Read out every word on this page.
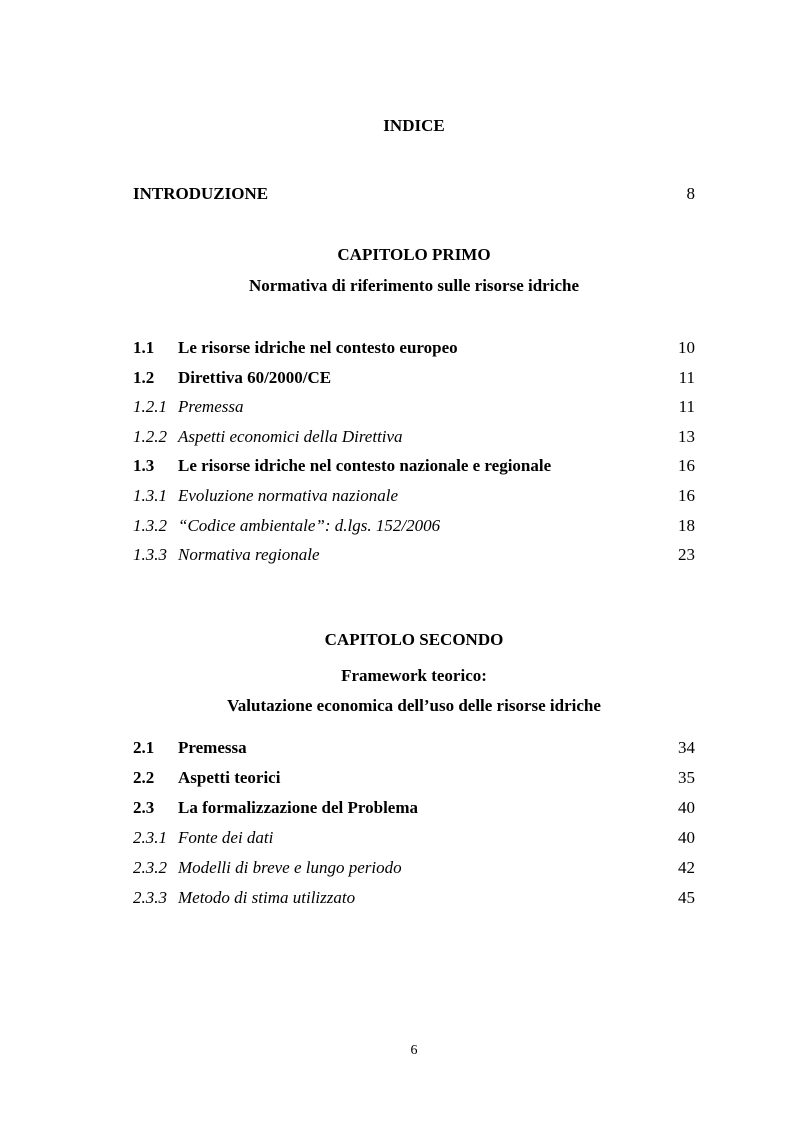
INDICE
INTRODUZIONE	8
CAPITOLO PRIMO
Normativa di riferimento sulle risorse idriche
1.1	Le risorse idriche nel contesto europeo	10
1.2	Direttiva 60/2000/CE	11
1.2.1 Premessa	11
1.2.2 Aspetti economici della Direttiva	13
1.3	Le risorse idriche nel contesto nazionale e regionale	16
1.3.1 Evoluzione normativa nazionale	16
1.3.2 “Codice ambientale”: d.lgs. 152/2006	18
1.3.3 Normativa regionale	23
CAPITOLO SECONDO
Framework teorico:
Valutazione economica dell’uso delle risorse idriche
2.1	Premessa	34
2.2	Aspetti teorici	35
2.3	La formalizzazione del Problema	40
2.3.1 Fonte dei dati	40
2.3.2 Modelli di breve e lungo periodo	42
2.3.3 Metodo di stima utilizzato	45
6
